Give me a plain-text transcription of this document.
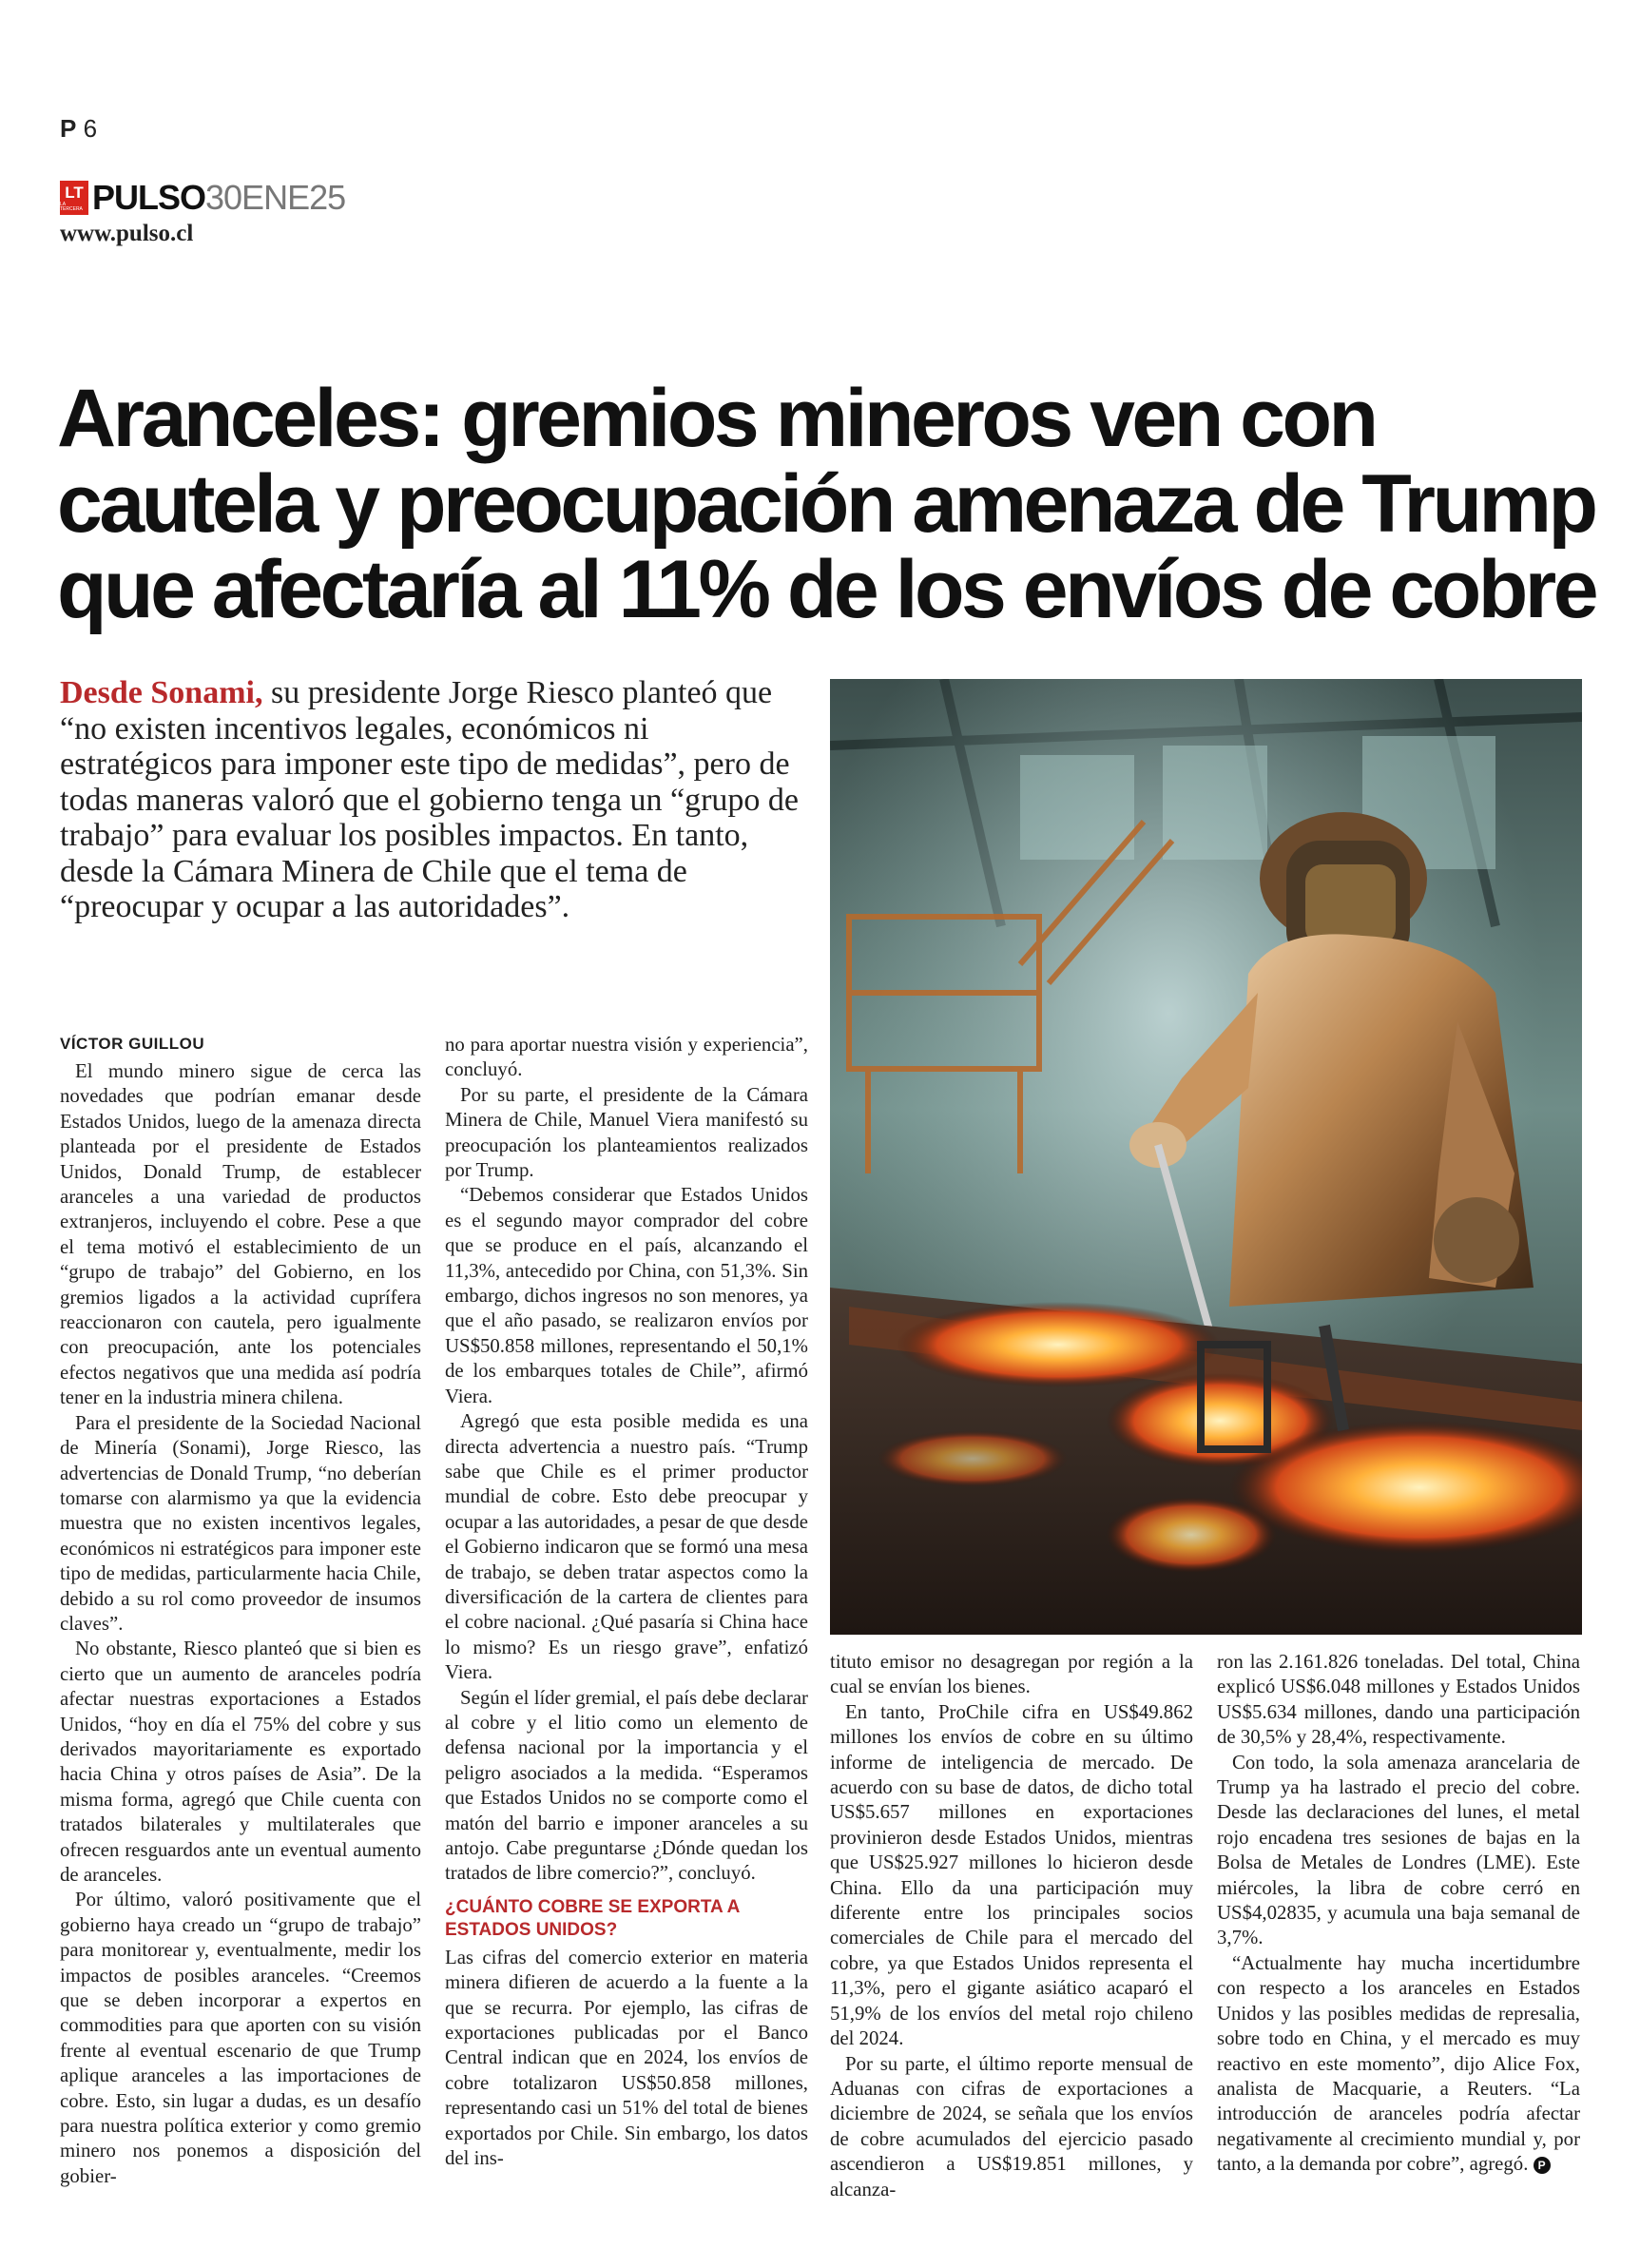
P 6
LT
LA TERCERA PULSO 30ENE25
www.pulso.cl
Aranceles: gremios mineros ven con cautela y preocupación amenaza de Trump que afectaría al 11% de los envíos de cobre
Desde Sonami, su presidente Jorge Riesco planteó que “no existen incentivos legales, económicos ni estratégicos para imponer este tipo de medidas”, pero de todas maneras valoró que el gobierno tenga un “grupo de trabajo” para evaluar los posibles impactos. En tanto, desde la Cámara Minera de Chile que el tema de “preocupar y ocupar a las autoridades”.
VÍCTOR GUILLOU

El mundo minero sigue de cerca las novedades que podrían emanar desde Estados Unidos, luego de la amenaza directa planteada por el presidente de Estados Unidos, Donald Trump, de establecer aranceles a una variedad de productos extranjeros, incluyendo el cobre. Pese a que el tema motivó el establecimiento de un “grupo de trabajo” del Gobierno, en los gremios ligados a la actividad cuprífera reaccionaron con cautela, pero igualmente con preocupación, ante los potenciales efectos negativos que una medida así podría tener en la industria minera chilena.

Para el presidente de la Sociedad Nacional de Minería (Sonami), Jorge Riesco, las advertencias de Donald Trump, “no deberían tomarse con alarmismo ya que la evidencia muestra que no existen incentivos legales, económicos ni estratégicos para imponer este tipo de medidas, particularmente hacia Chile, debido a su rol como proveedor de insumos claves”.

No obstante, Riesco planteó que si bien es cierto que un aumento de aranceles podría afectar nuestras exportaciones a Estados Unidos, “hoy en día el 75% del cobre y sus derivados mayoritariamente es exportado hacia China y otros países de Asia”. De la misma forma, agregó que Chile cuenta con tratados bilaterales y multilaterales que ofrecen resguardos ante un eventual aumento de aranceles.

Por último, valoró positivamente que el gobierno haya creado un “grupo de trabajo” para monitorear y, eventualmente, medir los impactos de posibles aranceles. “Creemos que se deben incorporar a expertos en commodities para que aporten con su visión frente al eventual escenario de que Trump aplique aranceles a las importaciones de cobre. Esto, sin lugar a dudas, es un desafío para nuestra política exterior y como gremio minero nos ponemos a disposición del gobier-

no para aportar nuestra visión y experiencia”, concluyó.

Por su parte, el presidente de la Cámara Minera de Chile, Manuel Viera manifestó su preocupación los planteamientos realizados por Trump.

“Debemos considerar que Estados Unidos es el segundo mayor comprador del cobre que se produce en el país, alcanzando el 11,3%, antecedido por China, con 51,3%. Sin embargo, dichos ingresos no son menores, ya que el año pasado, se realizaron envíos por US$50.858 millones, representando el 50,1% de los embarques totales de Chile”, afirmó Viera.

Agregó que esta posible medida es una directa advertencia a nuestro país. “Trump sabe que Chile es el primer productor mundial de cobre. Esto debe preocupar y ocupar a las autoridades, a pesar de que desde el Gobierno indicaron que se formó una mesa de trabajo, se deben tratar aspectos como la diversificación de la cartera de clientes para el cobre nacional. ¿Qué pasaría si China hace lo mismo? Es un riesgo grave”, enfatizó Viera.

Según el líder gremial, el país debe declarar al cobre y el litio como un elemento de defensa nacional por la importancia y el peligro asociados a la medida. “Esperamos que Estados Unidos no se comporte como el matón del barrio e imponer aranceles a su antojo. Cabe preguntarse ¿Dónde quedan los tratados de libre comercio?”, concluyó.

¿CUÁNTO COBRE SE EXPORTA A ESTADOS UNIDOS?

Las cifras del comercio exterior en materia minera difieren de acuerdo a la fuente a la que se recurra. Por ejemplo, las cifras de exportaciones publicadas por el Banco Central indican que en 2024, los envíos de cobre totalizaron US$50.858 millones, representando casi un 51% del total de bienes exportados por Chile. Sin embargo, los datos del ins-

tituto emisor no desagregan por región a la cual se envían los bienes.

En tanto, ProChile cifra en US$49.862 millones los envíos de cobre en su último informe de inteligencia de mercado. De acuerdo con su base de datos, de dicho total US$5.657 millones en exportaciones provinieron desde Estados Unidos, mientras que US$25.927 millones lo hicieron desde China. Ello da una participación muy diferente entre los principales socios comerciales de Chile para el mercado del cobre, ya que Estados Unidos representa el 11,3%, pero el gigante asiático acaparó el 51,9% de los envíos del metal rojo chileno del 2024.

Por su parte, el último reporte mensual de Aduanas con cifras de exportaciones a diciembre de 2024, se señala que los envíos de cobre acumulados del ejercicio pasado ascendieron a US$19.851 millones, y alcanza-

ron las 2.161.826 toneladas. Del total, China explicó US$6.048 millones y Estados Unidos US$5.634 millones, dando una participación de 30,5% y 28,4%, respectivamente.

Con todo, la sola amenaza arancelaria de Trump ya ha lastrado el precio del cobre. Desde las declaraciones del lunes, el metal rojo encadena tres sesiones de bajas en la Bolsa de Metales de Londres (LME). Este miércoles, la libra de cobre cerró en US$4,02835, y acumula una baja semanal de 3,7%.

“Actualmente hay mucha incertidumbre con respecto a los aranceles en Estados Unidos y las posibles medidas de represalia, sobre todo en China, y el mercado es muy reactivo en este momento”, dijo Alice Fox, analista de Macquarie, a Reuters. “La introducción de aranceles podría afectar negativamente al crecimiento mundial y, por tanto, a la demanda por cobre”, agregó. P
